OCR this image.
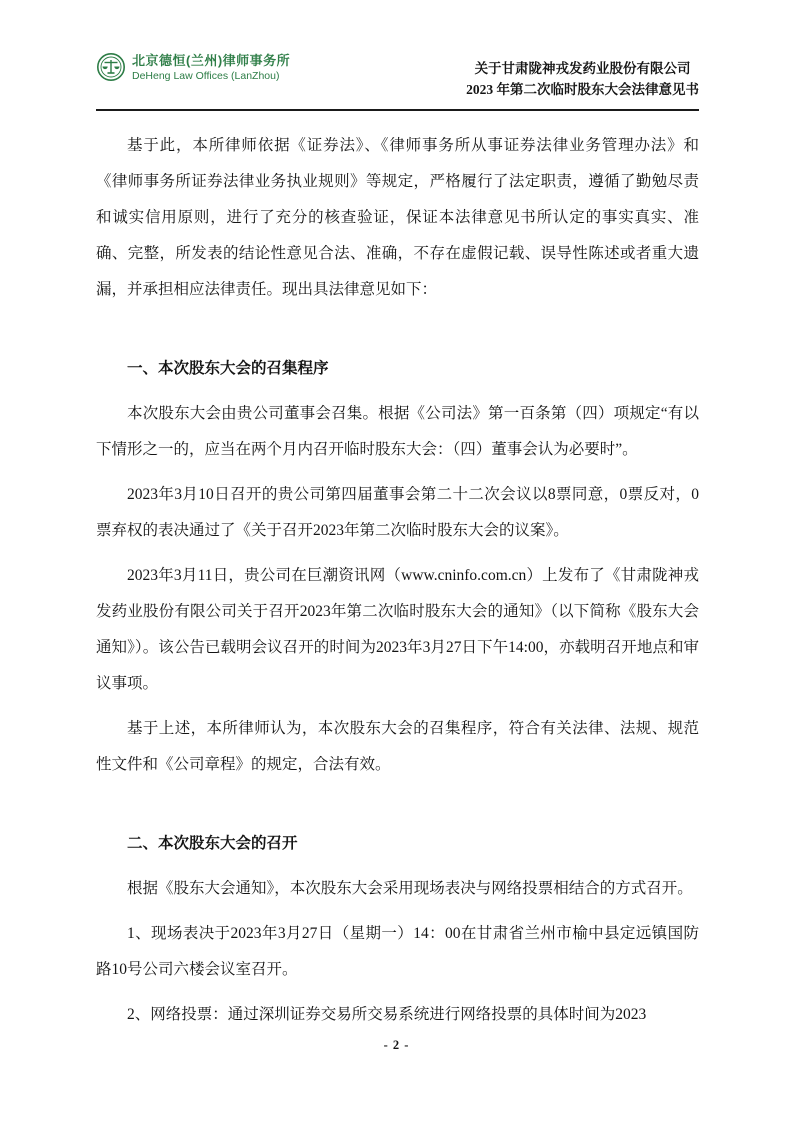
北京德恒(兰州)律师事务所
DeHeng Law Offices (LanZhou)	关于甘肃陇神戎发药业股份有限公司
2023 年第二次临时股东大会法律意见书

基于此，本所律师依据《证券法》、《律师事务所从事证券法律业务管理办法》和《律师事务所证券法律业务执业规则》等规定，严格履行了法定职责，遵循了勤勉尽责和诚实信用原则，进行了充分的核查验证，保证本法律意见书所认定的事实真实、准确、完整，所发表的结论性意见合法、准确，不存在虚假记载、误导性陈述或者重大遗漏，并承担相应法律责任。现出具法律意见如下：

一、本次股东大会的召集程序

本次股东大会由贵公司董事会召集。根据《公司法》第一百条第（四）项规定“有以下情形之一的，应当在两个月内召开临时股东大会：（四）董事会认为必要时”。

2023年3月10日召开的贵公司第四届董事会第二十二次会议以8票同意，0票反对，0票弃权的表决通过了《关于召开2023年第二次临时股东大会的议案》。

2023年3月11日，贵公司在巨潮资讯网（www.cninfo.com.cn）上发布了《甘肃陇神戎发药业股份有限公司关于召开2023年第二次临时股东大会的通知》（以下简称《股东大会通知》）。该公告已载明会议召开的时间为2023年3月27日下午14:00，亦载明召开地点和审议事项。

基于上述，本所律师认为，本次股东大会的召集程序，符合有关法律、法规、规范性文件和《公司章程》的规定，合法有效。

二、本次股东大会的召开

根据《股东大会通知》，本次股东大会采用现场表决与网络投票相结合的方式召开。

1、现场表决于2023年3月27日（星期一）14：00在甘肃省兰州市榆中县定远镇国防路10号公司六楼会议室召开。

2、网络投票：通过深圳证券交易所交易系统进行网络投票的具体时间为2023

- 2 -
